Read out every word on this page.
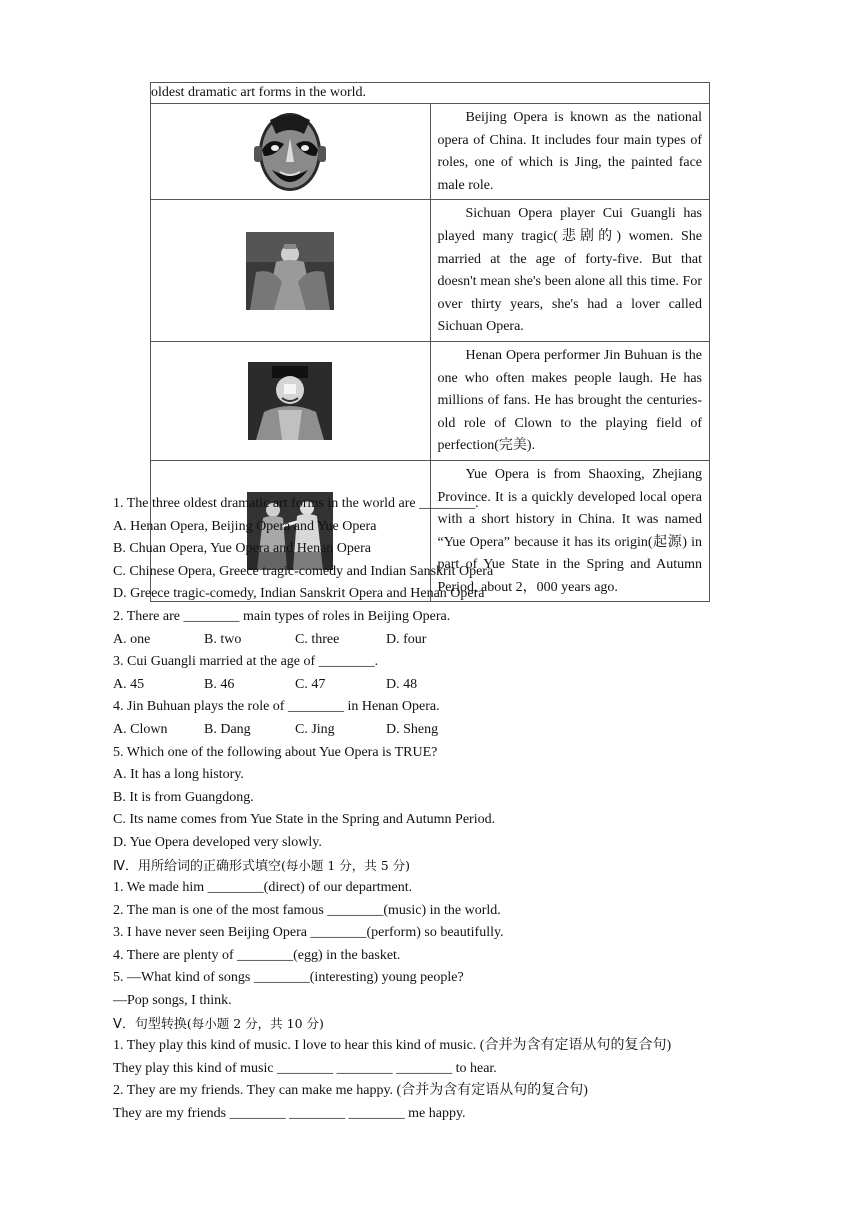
oldest dramatic art forms in the world.	

	Beijing Opera is known as the national opera of China. It includes four main types of roles, one of which is Jing, the painted face male role.

	Sichuan Opera player Cui Guangli has played many tragic(悲剧的) women. She married at the age of forty-five. But that doesn't mean she's been alone all this time. For over thirty years, she's had a lover called Sichuan Opera.

	Henan Opera performer Jin Buhuan is the one who often makes people laugh. He has millions of fans. He has brought the centuries-old role of Clown to the playing field of perfection(完美).

	Yue Opera is from Shaoxing, Zhejiang Province. It is a quickly developed local opera with a short history in China. It was named “Yue Opera” because it has its origin(起源) in part of Yue State in the Spring and Autumn Period, about 2，000 years ago.
1. The three oldest dramatic art forms in the world are ________.
A. Henan Opera, Beijing Opera and Yue Opera
B. Chuan Opera, Yue Opera and Henan Opera
C. Chinese Opera, Greece tragic-comedy and Indian Sanskrit Opera
D. Greece tragic-comedy, Indian Sanskrit Opera and Henan Opera
2. There are ________ main types of roles in Beijing Opera.
A. one	B. two	C. three	D. four
3. Cui Guangli married at the age of ________.
A. 45	B. 46	C. 47	D. 48
4. Jin Buhuan plays the role of ________ in Henan Opera.
A. Clown	B. Dang	C. Jing	D. Sheng
5. Which one of the following about Yue Opera is TRUE?
A. It has a long history.
B. It is from Guangdong.
C. Its name comes from Yue State in the Spring and Autumn Period.
D. Yue Opera developed very slowly.
Ⅳ．用所给词的正确形式填空(每小题 1 分，共 5 分)
1. We made him ________(direct) of our department.
2. The man is one of the most famous ________(music) in the world.
3. I have never seen Beijing Opera ________(perform) so beautifully.
4. There are plenty of ________(egg) in the basket.
5. —What kind of songs ________(interesting) young people?
—Pop songs, I think.
Ⅴ．句型转换(每小题 2 分，共 10 分)
1. They play this kind of music. I love to hear this kind of music. (合并为含有定语从句的复合句)
They play this kind of music ________ ________ ________ to hear.
2. They are my friends. They can make me happy. (合并为含有定语从句的复合句)
They are my friends ________ ________ ________ me happy.
